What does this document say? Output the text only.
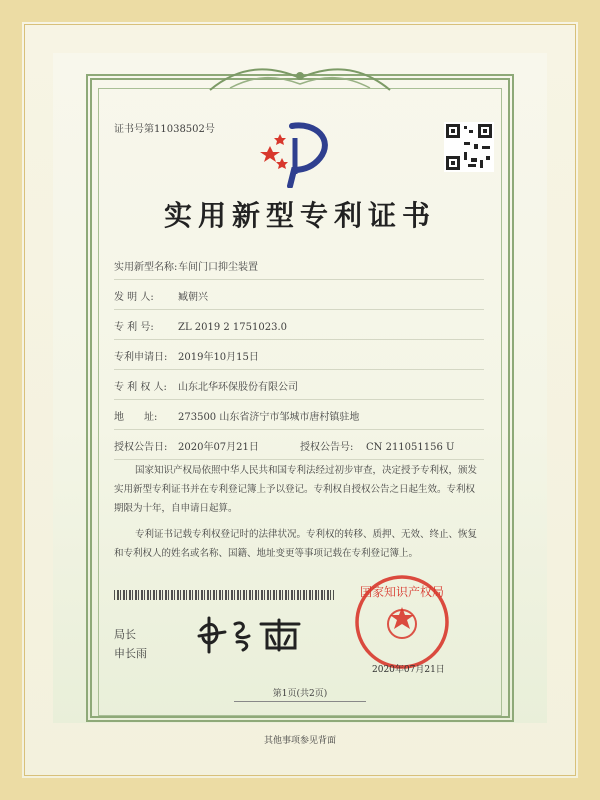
证书号第11038502号
实用新型专利证书
实用新型名称: 车间门口抑尘装置
发 明 人: 臧朝兴
专 利 号: ZL 2019 2 1751023.0
专利申请日: 2019年10月15日
专 利 权 人: 山东北华环保股份有限公司
地　　址: 273500 山东省济宁市邹城市唐村镇驻地
授权公告日: 2020年07月21日	授权公告号: CN 211051156 U
国家知识产权局依照中华人民共和国专利法经过初步审查，决定授予专利权，颁发实用新型专利证书并在专利登记簿上予以登记。专利权自授权公告之日起生效。专利权期限为十年，自申请日起算。
专利证书记载专利权登记时的法律状况。专利权的转移、质押、无效、终止、恢复和专利权人的姓名或名称、国籍、地址变更等事项记载在专利登记簿上。
局长
申长雨
国家知识产权局
2020年07月21日
第1页(共2页)
其他事项参见背面
